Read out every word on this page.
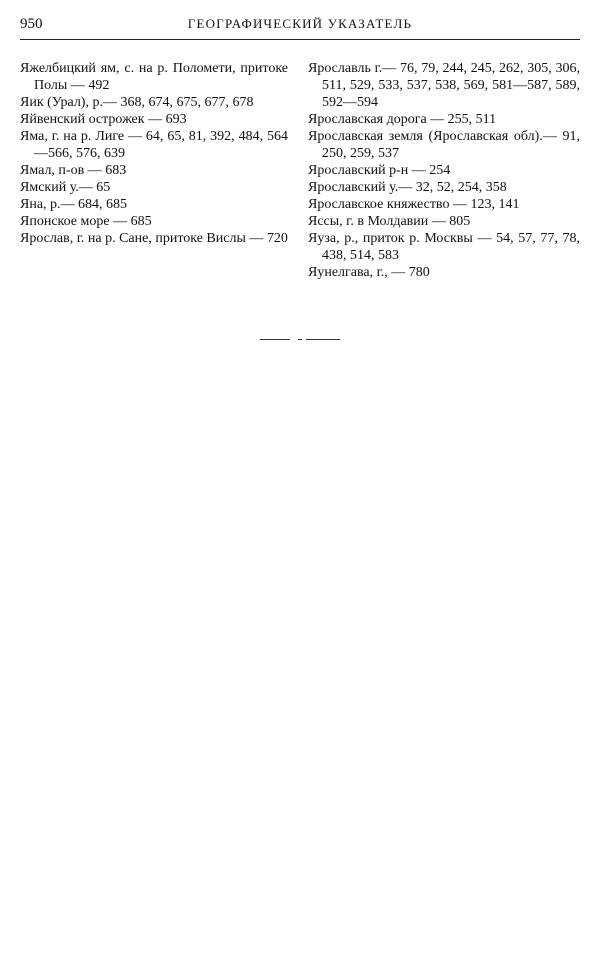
950	ГЕОГРАФИЧЕСКИЙ УКАЗАТЕЛЬ

Яжелбицкий ям, с. на р. Поломети, притоке Полы — 492

Яик (Урал), р.— 368, 674, 675, 677, 678

Яйвенский острожек — 693

Яма, г. на р. Лиге — 64, 65, 81, 392, 484, 564—566, 576, 639

Ямал, п-ов — 683

Ямский у.— 65

Яна, р.— 684, 685

Японское море — 685

Ярослав, г. на р. Сане, притоке Вислы — 720

Ярославль г.— 76, 79, 244, 245, 262, 305, 306, 511, 529, 533, 537, 538, 569, 581—587, 589, 592—594

Ярославская дорога — 255, 511

Ярославская земля (Ярославская обл).— 91, 250, 259, 537

Ярославский р-н — 254

Ярославский у.— 32, 52, 254, 358

Ярославское княжество — 123, 141

Яссы, г. в Молдавии — 805

Яуза, р., приток р. Москвы — 54, 57, 77, 78, 438, 514, 583

Яунелгава, г., — 780
